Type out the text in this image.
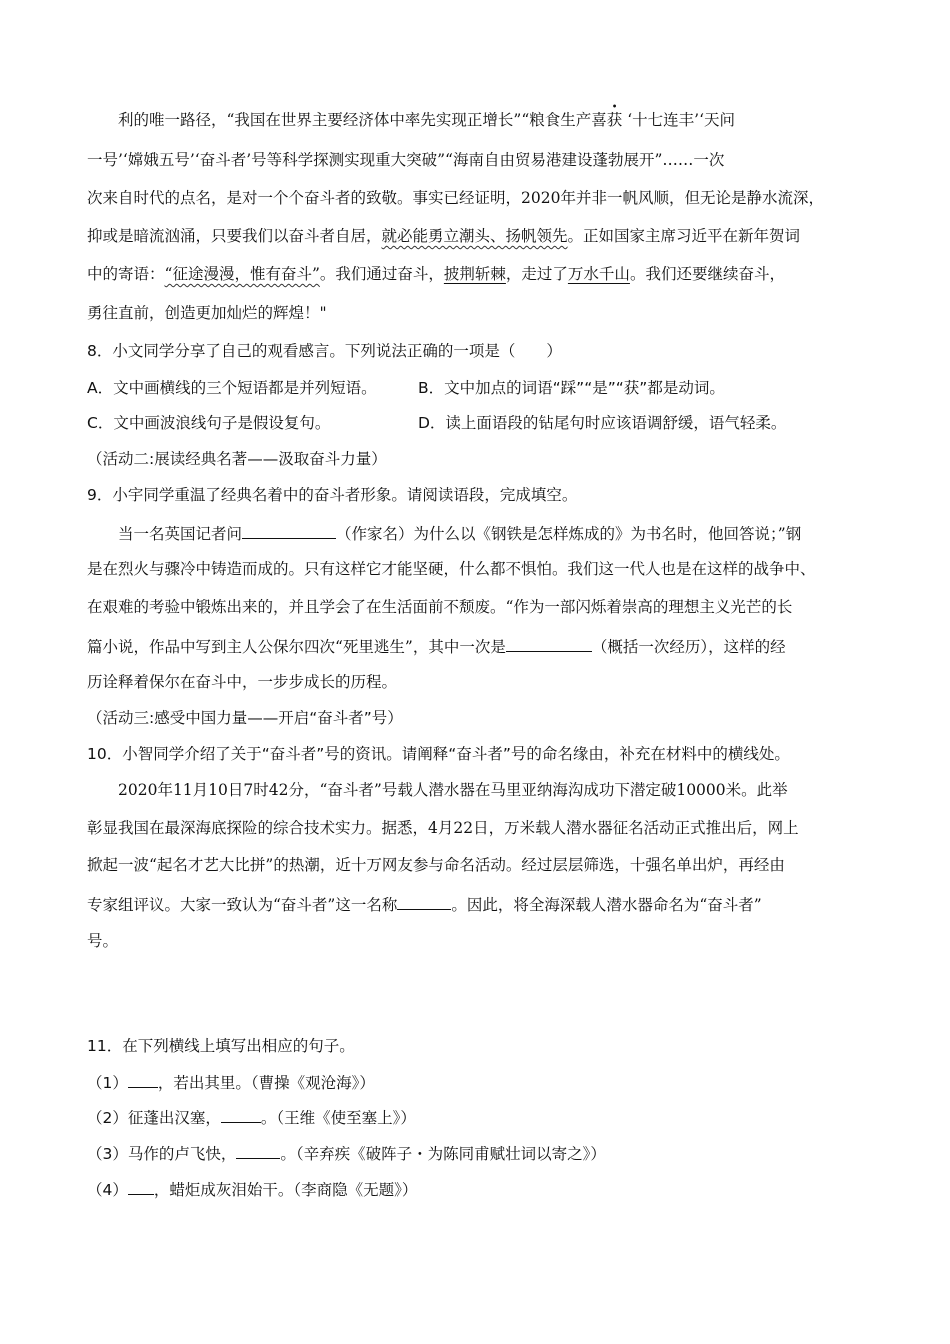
利的唯一路径，“我国在世界主要经济体中率先实现正增长”“粮食生产喜获 ‘十七连丰’‘天问
一号’‘嫦娥五号’‘奋斗者’号等科学探测实现重大突破”“海南自由贸易港建设蓬勃展开”……一次
次来自时代的点名，是对一个个奋斗者的致敬。事实已经证明，2020年并非一帆风顺，但无论是静水流深，
抑或是暗流汹涌，只要我们以奋斗者自居，就必能勇立潮头、扬帆领先。正如国家主席习近平在新年贺词
中的寄语：“征途漫漫，惟有奋斗”。我们通过奋斗，披荆斩棘，走过了万水千山。我们还要继续奋斗，
勇往直前，创造更加灿烂的辉煌！"
8．小文同学分享了自己的观看感言。下列说法正确的一项是（　　）
A．文中画横线的三个短语都是并列短语。	B．文中加点的词语“踩”“是”“获”都是动词。
C．文中画波浪线句子是假设复句。	D．读上面语段的钻尾句时应该语调舒缓，语气轻柔。
（活动二:展读经典名著——汲取奋斗力量）
9．小宇同学重温了经典名着中的奋斗者形象。请阅读语段，完成填空。
当一名英国记者问	（作家名）为什么以《钢铁是怎样炼成的》为书名时，他回答说；”钢
是在烈火与骤冷中铸造而成的。只有这样它才能坚硬，什么都不惧怕。我们这一代人也是在这样的战争中、
在艰难的考验中锻炼出来的，并且学会了在生活面前不颓废。“作为一部闪烁着崇高的理想主义光芒的长
篇小说，作品中写到主人公保尔四次“死里逃生”，其中一次是	（概括一次经历），这样的经
历诠释着保尔在奋斗中，一步步成长的历程。
（活动三:感受中国力量——开启“奋斗者”号）
10．小智同学介绍了关于“奋斗者”号的资讯。请阐释“奋斗者”号的命名缘由，补充在材料中的横线处。
2020年11月10日7时42分，“奋斗者”号载人潜水器在马里亚纳海沟成功下潜定破10000米。此举
彰显我国在最深海底探险的综合技术实力。据悉，4月22日，万米载人潜水器征名活动正式推出后，网上
掀起一波“起名才艺大比拼”的热潮，近十万网友参与命名活动。经过层层筛选，十强名单出炉，再经由
专家组评议。大家一致认为“奋斗者”这一名称	。因此，将全海深载人潜水器命名为“奋斗者”
号。
11．在下列横线上填写出相应的句子。
（1） ，若出其里。（曹操《观沧海》）
（2）征蓬出汉塞，	。（王维《使至塞上》）
（3）马作的卢飞快，	。（辛弃疾《破阵子・为陈同甫赋壮词以寄之》）
（4） ，蜡炬成灰泪始干。（李商隐《无题》）
